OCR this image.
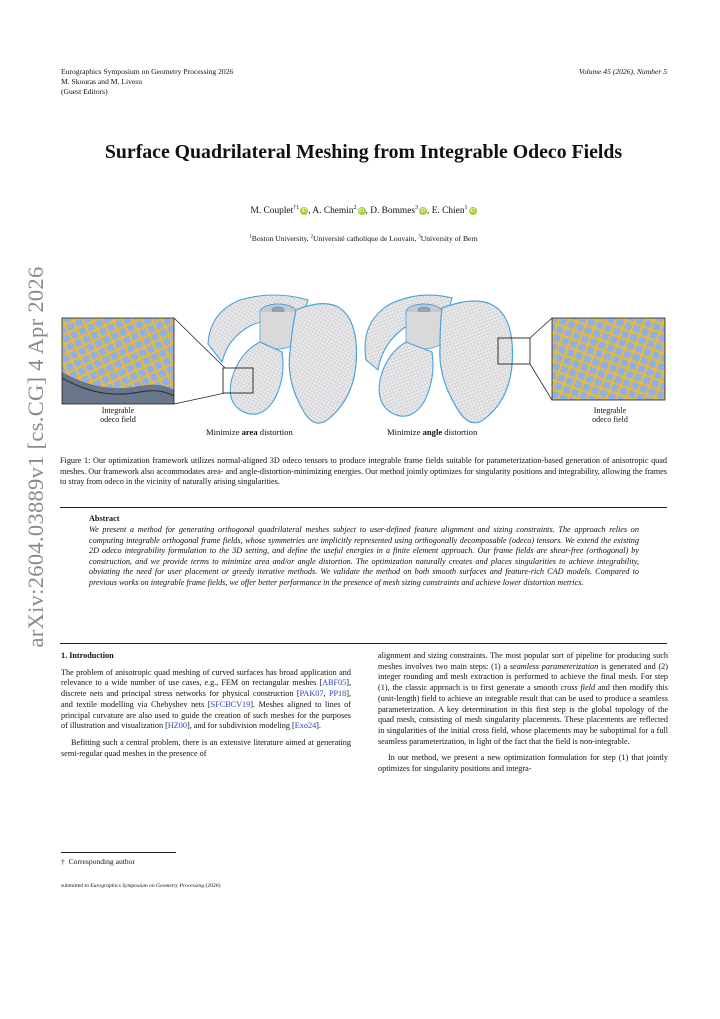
Eurographics Symposium on Geometry Processing 2026
M. Skouras and M. Livesu
(Guest Editors)
Volume 45 (2026), Number 5
arXiv:2604.03889v1 [cs.CG] 4 Apr 2026
Surface Quadrilateral Meshing from Integrable Odeco Fields
M. Couplet$^{\dagger 1}$iD, A. Chemin$^2$iD, D. Bommes$^3$iD, E. Chien$^1$iD
$^1$Boston University, $^2$Université catholique de Louvain, $^3$University of Bern
Integrable
odeco field
Integrable
odeco field
Minimize area distortion	Minimize angle distortion
Figure 1: Our optimization framework utilizes normal-aligned 3D odeco tensors to produce integrable frame fields suitable for parameterization-based generation of anisotropic quad meshes. Our framework also accommodates area- and angle-distortion-minimizing energies. Our method jointly optimizes for singularity positions and integrability, allowing the frames to stray from odeco in the vicinity of naturally arising singularities.
Abstract
We present a method for generating orthogonal quadrilateral meshes subject to user-defined feature alignment and sizing constraints. The approach relies on computing integrable orthogonal frame fields, whose symmetries are implicitly represented using orthogonally decomposable (odeco) tensors. We extend the existing 2D odeco integrability formulation to the 3D setting, and define the useful energies in a finite element approach. Our frame fields are shear-free (orthogonal) by construction, and we provide terms to minimize area and/or angle distortion. The optimization naturally creates and places singularities to achieve integrability, obviating the need for user placement or greedy iterative methods. We validate the method on both smooth surfaces and feature-rich CAD models. Compared to previous works on integrable frame fields, we offer better performance in the presence of mesh sizing constraints and achieve lower distortion metrics.

1. Introduction

The problem of anisotropic quad meshing of curved surfaces has broad application and relevance to a wide number of use cases, e.g., FEM on rectangular meshes [ABF05], discrete nets and principal stress networks for physical construction [PAK07, PP18], and textile modelling via Chebyshev nets [SFCBCV19]. Meshes aligned to lines of principal curvature are also used to guide the creation of such meshes for the purposes of illustration and visualization [HZ00], and for subdivision modeling [Exo24].

Befitting such a central problem, there is an extensive literature aimed at generating semi-regular quad meshes in the presence of

† Corresponding author

alignment and sizing constraints. The most popular sort of pipeline for producing such meshes involves two main steps: (1) a seamless parameterization is generated and (2) integer rounding and mesh extraction is performed to achieve the final mesh. For step (1), the classic approach is to first generate a smooth cross field and then modify this (unit-length) field to achieve an integrable result that can be used to produce a seamless parameterization. A key determination in this first step is the global topology of the quad mesh, consisting of mesh singularity placements. These placements are reflected in singularities of the initial cross field, whose placements may be suboptimal for a full seamless parameterization, in light of the fact that the field is non-integrable.

In our method, we present a new optimization formulation for step (1) that jointly optimizes for singularity positions and integra-

submitted to Eurographics Symposium on Geometry Processing (2026)
